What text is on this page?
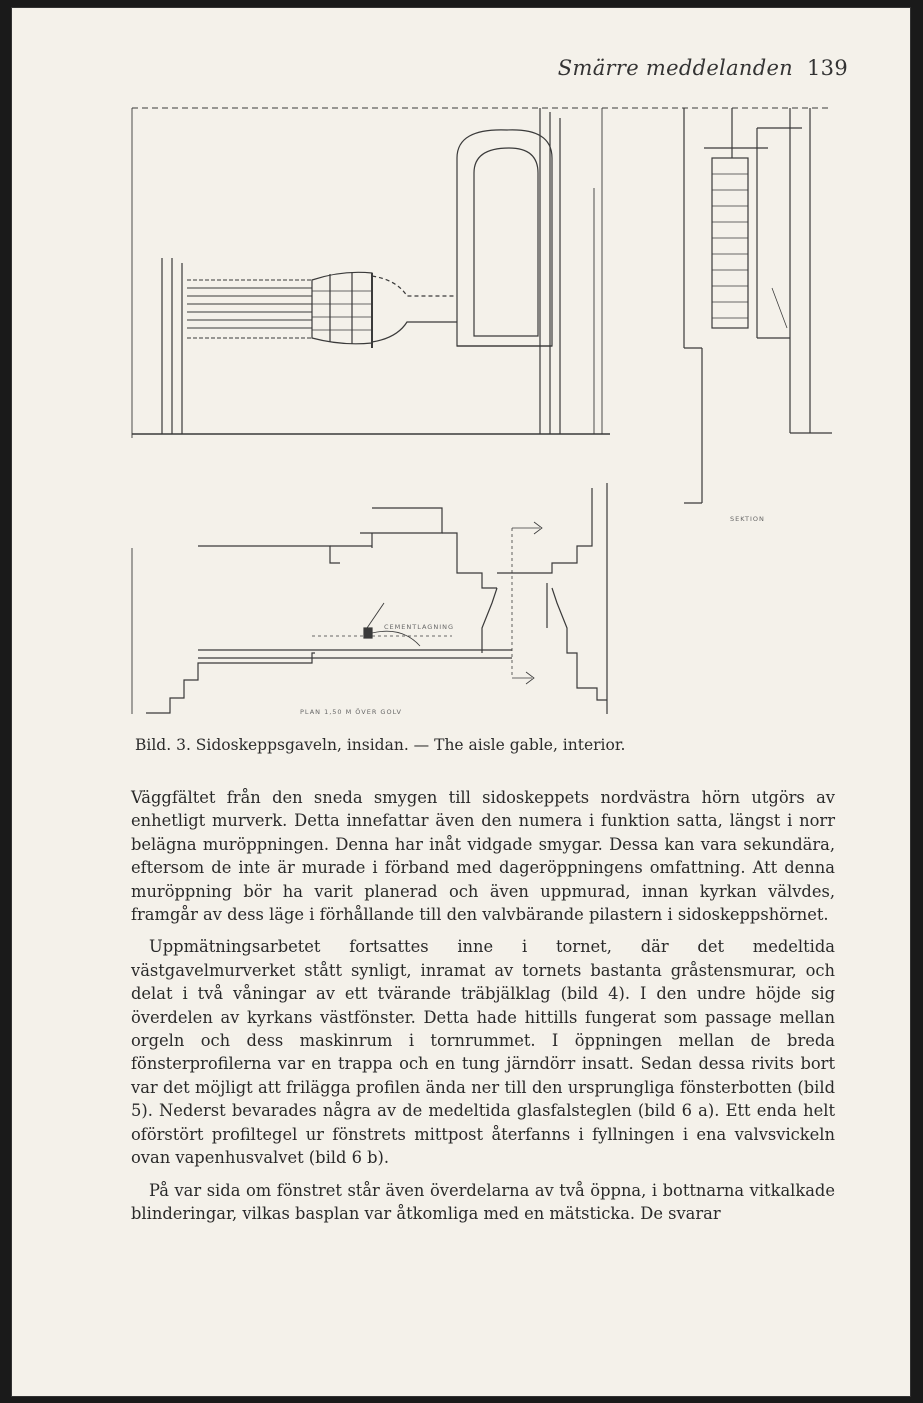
Smärre meddelanden 139
CEMENTLAGNING
PLAN 1,50 M ÖVER GOLV
SEKTION
Bild. 3. Sidoskeppsgaveln, insidan. — The aisle gable, interior.

Väggfältet från den sneda smygen till sidoskeppets nordvästra hörn utgörs av enhetligt murverk. Detta innefattar även den numera i funktion satta, längst i norr belägna muröppningen. Denna har inåt vidgade smygar. Dessa kan vara sekundära, eftersom de inte är murade i förband med dageröppningens omfattning. Att denna muröppning bör ha varit planerad och även uppmurad, innan kyrkan välvdes, framgår av dess läge i förhållande till den valvbärande pilastern i sidoskeppshörnet.

Uppmätningsarbetet fortsattes inne i tornet, där det medeltida västgavelmurverket stått synligt, inramat av tornets bastanta gråstensmurar, och delat i två våningar av ett tvärande träbjälklag (bild 4). I den undre höjde sig överdelen av kyrkans västfönster. Detta hade hittills fungerat som passage mellan orgeln och dess maskinrum i tornrummet. I öppningen mellan de breda fönsterprofilerna var en trappa och en tung järndörr insatt. Sedan dessa rivits bort var det möjligt att frilägga profilen ända ner till den ursprungliga fönsterbotten (bild 5). Nederst bevarades några av de medeltida glasfalsteglen (bild 6 a). Ett enda helt oförstört profiltegel ur fönstrets mittpost återfanns i fyllningen i ena valvsvickeln ovan vapenhusvalvet (bild 6 b).

På var sida om fönstret står även överdelarna av två öppna, i bottnarna vitkalkade blinderingar, vilkas basplan var åtkomliga med en mätsticka. De svarar
